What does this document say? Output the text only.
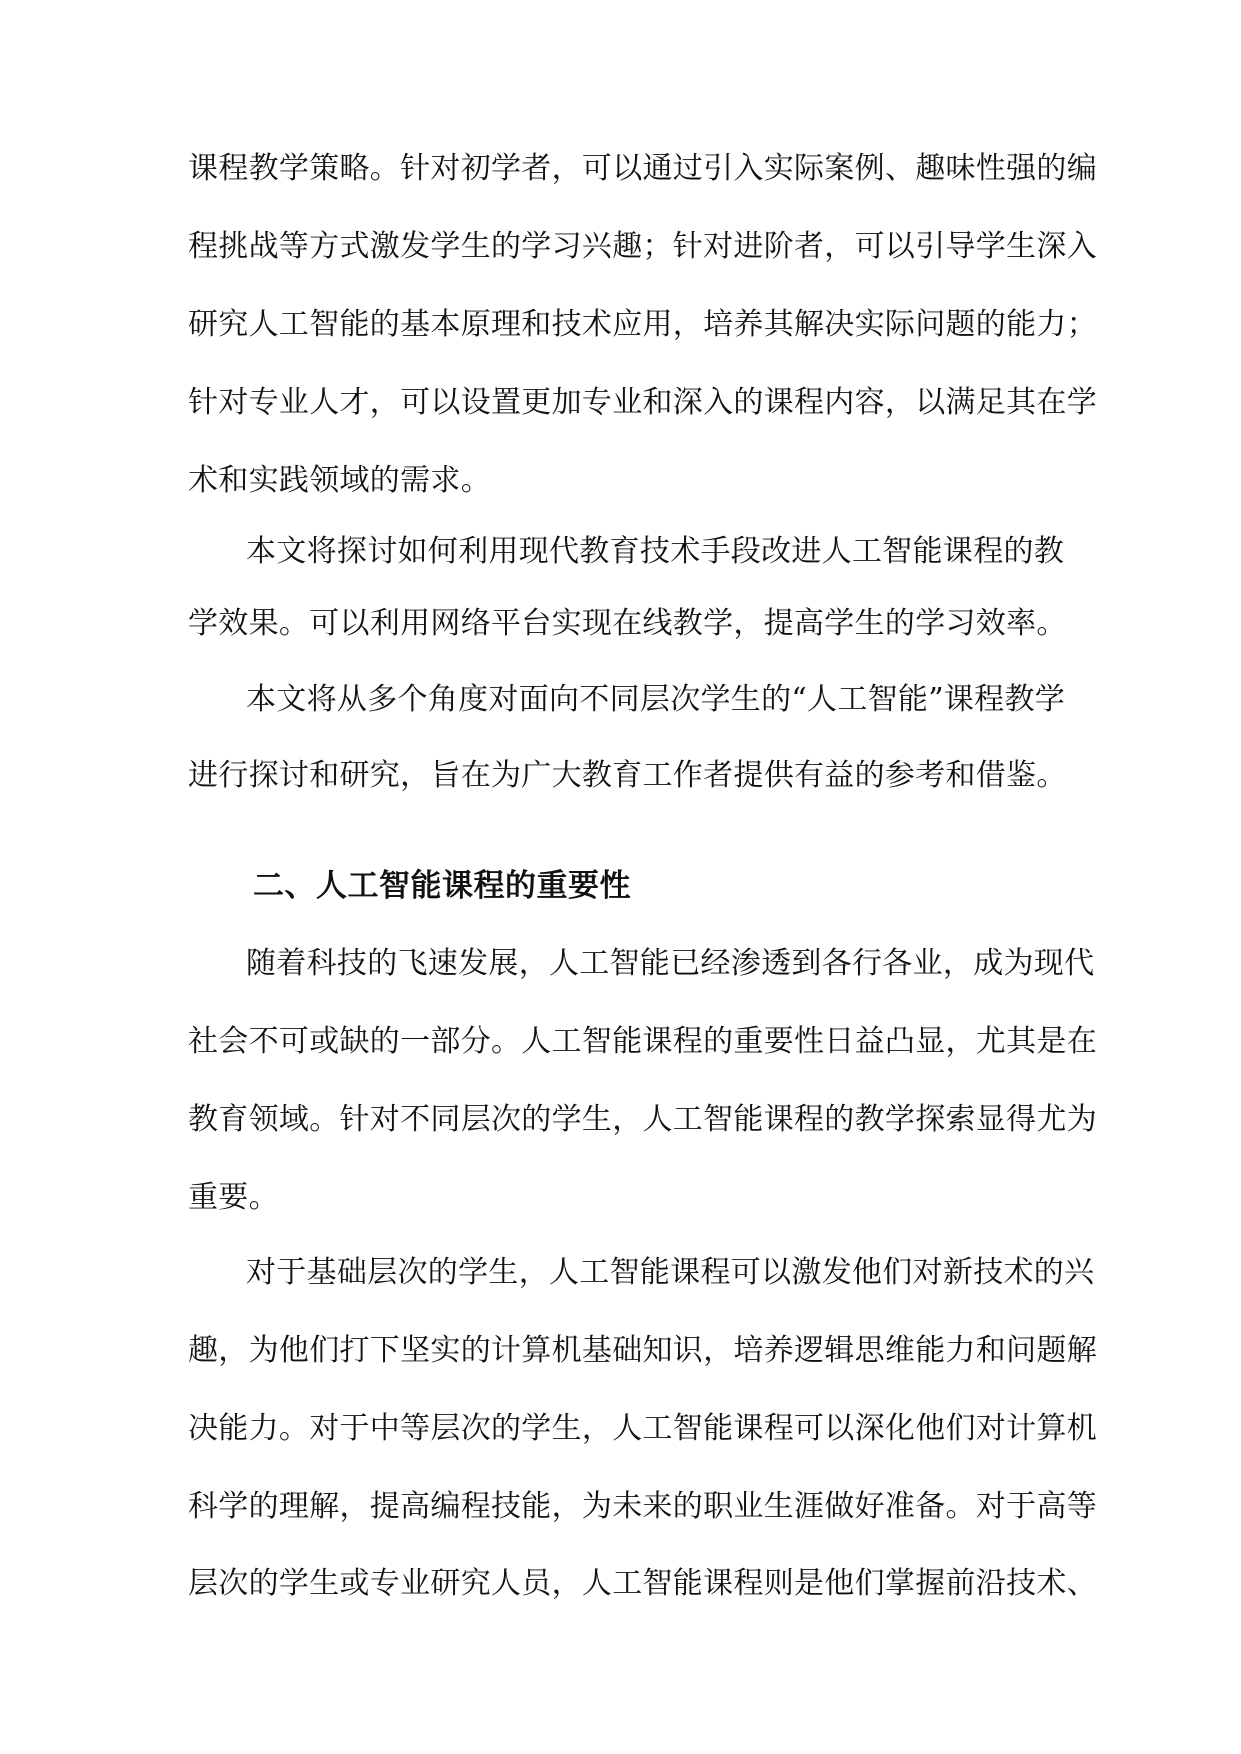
课程教学策略。针对初学者，可以通过引入实际案例、趣味性强的编
程挑战等方式激发学生的学习兴趣；针对进阶者，可以引导学生深入
研究人工智能的基本原理和技术应用，培养其解决实际问题的能力；
针对专业人才，可以设置更加专业和深入的课程内容，以满足其在学
术和实践领域的需求。
本文将探讨如何利用现代教育技术手段改进人工智能课程的教
学效果。可以利用网络平台实现在线教学，提高学生的学习效率。
本文将从多个角度对面向不同层次学生的“人工智能”课程教学
进行探讨和研究，旨在为广大教育工作者提供有益的参考和借鉴。
二、人工智能课程的重要性
随着科技的飞速发展，人工智能已经渗透到各行各业，成为现代
社会不可或缺的一部分。人工智能课程的重要性日益凸显，尤其是在
教育领域。针对不同层次的学生，人工智能课程的教学探索显得尤为
重要。
对于基础层次的学生，人工智能课程可以激发他们对新技术的兴
趣，为他们打下坚实的计算机基础知识，培养逻辑思维能力和问题解
决能力。对于中等层次的学生，人工智能课程可以深化他们对计算机
科学的理解，提高编程技能，为未来的职业生涯做好准备。对于高等
层次的学生或专业研究人员，人工智能课程则是他们掌握前沿技术、
